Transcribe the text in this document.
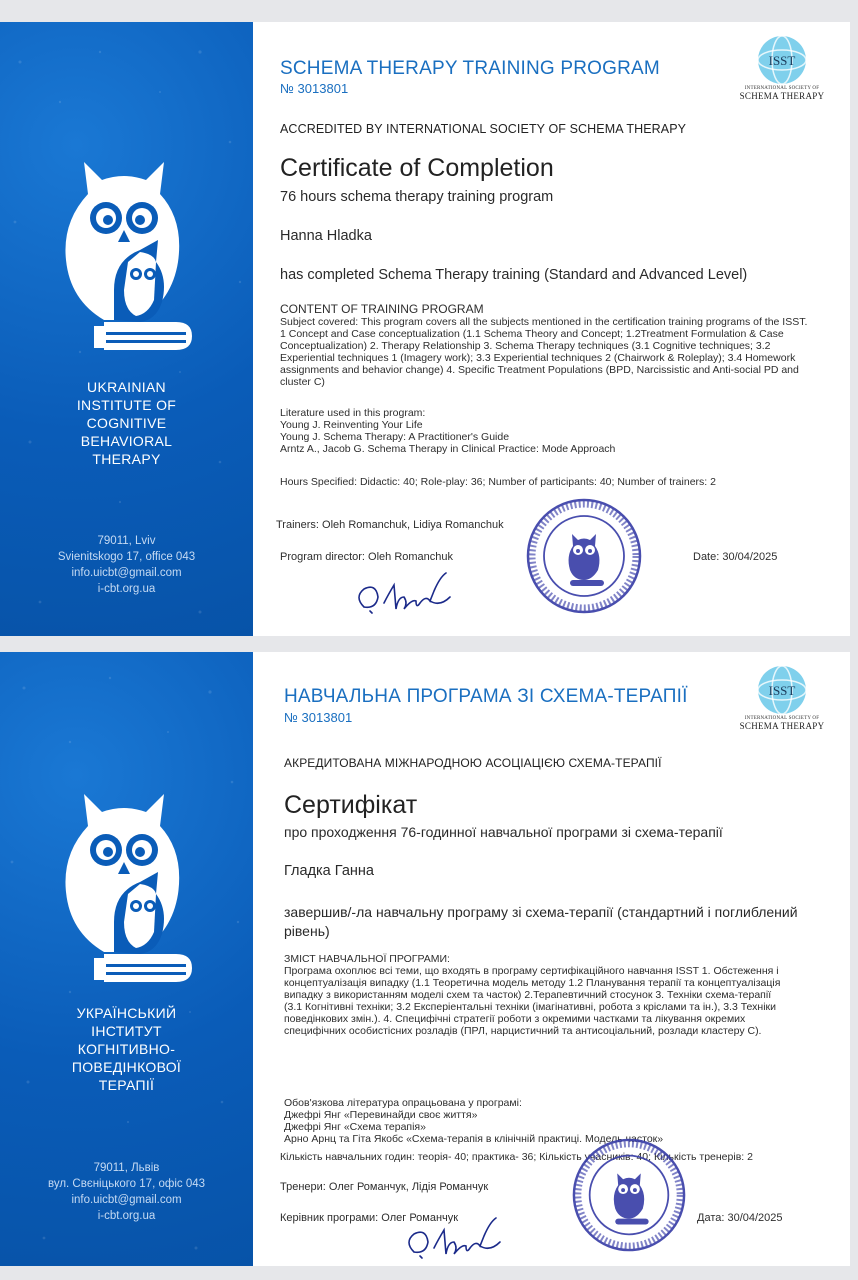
UKRAINIAN
INSTITUTE OF
COGNITIVE
BEHAVIORAL
THERAPY
79011, Lviv
Svienitskogo 17, office 043
info.uicbt@gmail.com
i-cbt.org.ua
SCHEMA THERAPY TRAINING PROGRAM
№ 3013801
ISST
INTERNATIONAL SOCIETY OF
SCHEMA THERAPY
ACCREDITED BY INTERNATIONAL SOCIETY OF SCHEMA THERAPY
Certificate of Completion
76 hours schema therapy training program
Hanna Hladka
has completed Schema Therapy training (Standard and Advanced Level)
CONTENT OF TRAINING PROGRAM
Subject covered: This program covers all the subjects mentioned in the certification training programs of the ISST. 1 Concept and Case conceptualization (1.1 Schema Theory and Concept; 1.2Treatment Formulation & Case Conceptualization) 2. Therapy Relationship 3. Schema Therapy techniques (3.1 Cognitive techniques; 3.2 Experiential techniques 1 (Imagery work); 3.3 Experiential techniques 2 (Chairwork & Roleplay); 3.4 Homework assignments and behavior change) 4. Specific Treatment Populations (BPD, Narcissistic and Anti-social PD and cluster C)
Literature used in this program:
Young J. Reinventing Your Life
Young J. Schema Therapy: A Practitioner's Guide
Arntz A., Jacob G. Schema Therapy in Clinical Practice: Mode Approach
Hours Specified: Didactic: 40; Role-play: 36; Number of participants: 40; Number of trainers: 2
Trainers: Oleh Romanchuk, Lidiya Romanchuk
Program director: Oleh Romanchuk	Date: 30/04/2025
УКРАЇНСЬКИЙ
ІНСТИТУТ
КОГНІТИВНО-
ПОВЕДІНКОВОЇ
ТЕРАПІЇ
79011, Львів
вул. Свєніцького 17, офіс 043
info.uicbt@gmail.com
i-cbt.org.ua
НАВЧАЛЬНА ПРОГРАМА ЗІ СХЕМА-ТЕРАПІЇ
№ 3013801
ISST
INTERNATIONAL SOCIETY OF
SCHEMA THERAPY
АКРЕДИТОВАНА МІЖНАРОДНОЮ АСОЦІАЦІЄЮ СХЕМА-ТЕРАПІЇ
Сертифікат
про проходження 76-годинної навчальної програми зі схема-терапії
Гладка Ганна
завершив/-ла навчальну програму зі схема-терапії (стандартний і поглиблений рівень)
ЗМІСТ НАВЧАЛЬНОЇ ПРОГРАМИ:
Програма охоплює всі теми, що входять в програму сертифікаційного навчання ISST 1. Обстеження і концептуалізація випадку (1.1 Теоретична модель методу 1.2 Планування терапії та концептуалізація випадку з використанням моделі схем та часток) 2.Терапевтичний стосунок 3. Техніки схема-терапії (3.1 Когнітивні техніки; 3.2 Експеріентальні техніки (імагінативні, робота з кріслами та ін.), 3.3 Техніки поведінкових змін.). 4. Специфічні стратегії роботи з окремими частками та лікування окремих специфічних особистісних розладів (ПРЛ, нарцистичний та антисоціальний, розлади кластеру С).
Обов'язкова література опрацьована у програмі:
Джефрі Янг «Перевинайди своє життя»
Джефрі Янг «Схема терапія»
Арно Арнц та Гіта Якобс «Схема-терапія в клінічній практиці. Модель часток»
Кількість навчальних годин: теорія- 40; практика- 36; Кількість учасників: 40; Кількість тренерів: 2
Тренери: Олег Романчук, Лідія Романчук
Керівник програми: Олег Романчук	Дата: 30/04/2025
